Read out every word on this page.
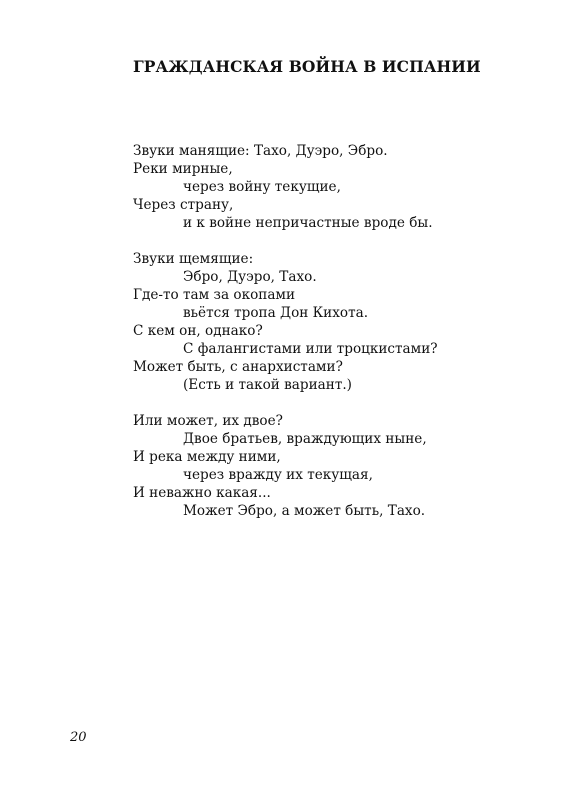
ГРАЖДАНСКАЯ ВОЙНА В ИСПАНИИ
Звуки манящие: Тахо, Дуэро, Эбро.
Реки мирные,
через войну текущие,
Через страну,
и к войне непричастные вроде бы.
Звуки щемящие:
Эбро, Дуэро, Тахо.
Где-то там за окопами
вьётся тропа Дон Кихота.
С кем он, однако?
С фалангистами или троцкистами?
Может быть, с анархистами?
(Есть и такой вариант.)
Или может, их двое?
Двое братьев, враждующих ныне,
И река между ними,
через вражду их текущая,
И неважно какая...
Может Эбро, а может быть, Тахо.
20
